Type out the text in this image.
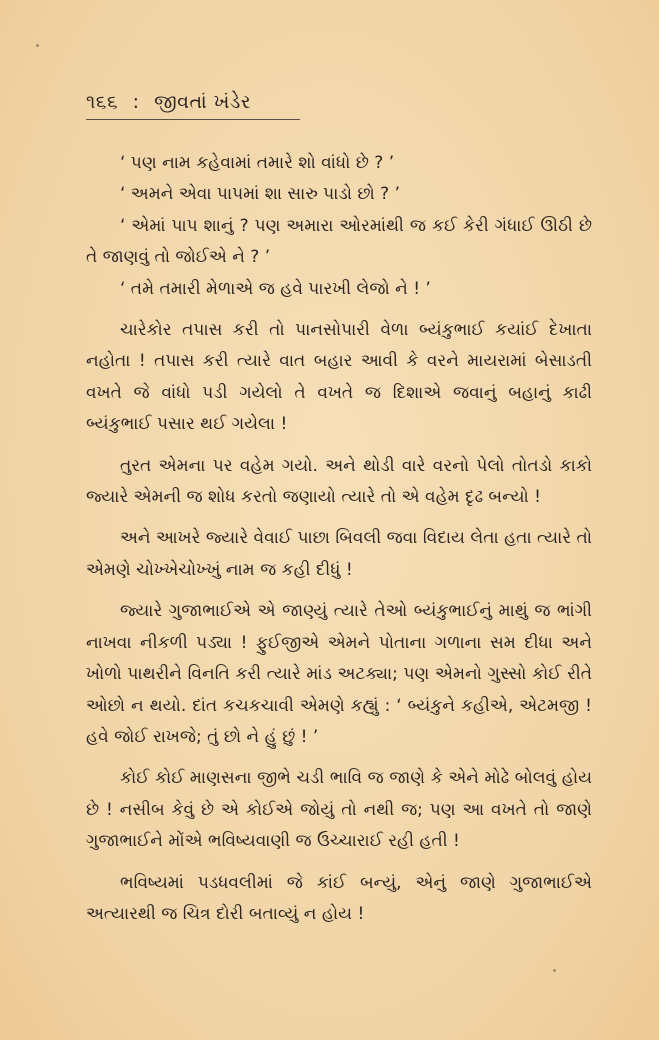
૧૬૬ : જીવતાં ખંડેર

‘ પણ નામ કહેવામાં તમારે શો વાંધો છે ? ’

‘ અમને એવા પાપમાં શા સારુ પાડો છો ? ’

‘ એમાં પાપ શાનું ? પણ અમારા ઓરમાંથી જ કઈ કેરી ગંધાઈ ઊઠી છે તે જાણવું તો જોઈએ ને ? ’

‘ તમે તમારી મેળાએ જ હવે પારખી લેજો ને ! ’

ચારેકોર તપાસ કરી તો પાનસોપારી વેળા બ્યંકુભાઈ કયાંઈ દેખાતા નહોતા ! તપાસ કરી ત્યારે વાત બહાર આવી કે વરને માયરામાં બેસાડતી વખતે જે વાંધો પડી ગયેલો તે વખતે જ દિશાએ જવાનું બહાનું કાઢી બ્યંકુભાઈ પસાર થઈ ગયેલા !

તુરત એમના પર વહેમ ગયો. અને થોડી વારે વરનો પેલો તોતડો કાકો જ્યારે એમની જ શોધ કરતો જણાયો ત્યારે તો એ વહેમ દૃઢ બન્યો !

અને આખરે જ્યારે વેવાઈ પાછા બિવલી જવા વિદાય લેતા હતા ત્યારે તો એમણે ચોખ્ખેચોખ્ખું નામ જ કહી દીધું !

જ્યારે ગુજાભાઈએ એ જાણ્યું ત્યારે તેઓ બ્યંકુભાઈનું માથું જ ભાંગી નાખવા નીકળી પડ્યા ! ફુઈજીએ એમને પોતાના ગળાના સમ દીધા અને ખોળો પાથરીને વિનતિ કરી ત્યારે માંડ અટક્યા; પણ એમનો ગુસ્સો કોઈ રીતે ઓછો ન થયો. દાંત કચકચાવી એમણે કહ્યું : ‘ બ્યંકુને કહીએ, એટમજી ! હવે જોઈ રાખજે; તું છો ને હું છું ! ’

કોઈ કોઈ માણસના જીભે ચડી ભાવિ જ જાણે કે એને મોઢે બોલવું હોય છે ! નસીબ કેવું છે એ કોઈએ જોયું તો નથી જ; પણ આ વખતે તો જાણે ગુજાભાઈને મોંએ ભવિષ્યવાણી જ ઉચ્ચારાઈ રહી હતી !

ભવિષ્યમાં પડધવલીમાં જે કાંઈ બન્યું, એનું જાણે ગુજાભાઈએ અત્યારથી જ ચિત્ર દોરી બતાવ્યું ન હોય !
